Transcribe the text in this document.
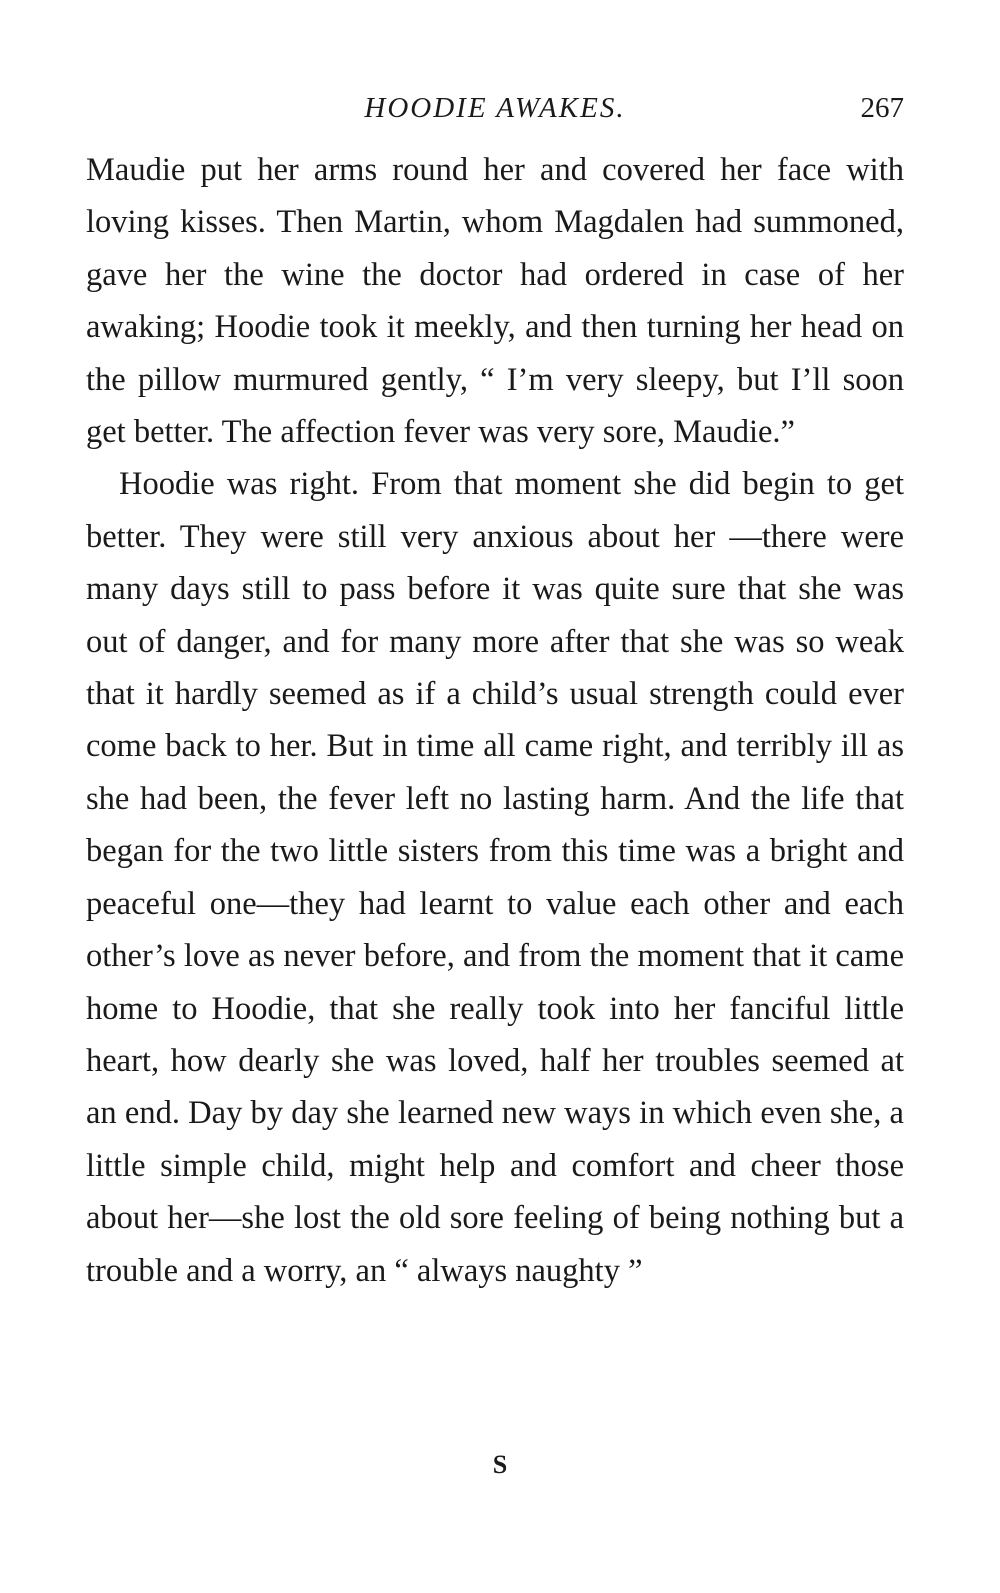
HOODIE AWAKES.	267

Maudie put her arms round her and covered her face with loving kisses. Then Martin, whom Magdalen had summoned, gave her the wine the doctor had ordered in case of her awaking; Hoodie took it meekly, and then turning her head on the pillow murmured gently, “ I’m very sleepy, but I’ll soon get better. The affection fever was very sore, Maudie.”

Hoodie was right. From that moment she did begin to get better. They were still very anxious about her —there were many days still to pass before it was quite sure that she was out of danger, and for many more after that she was so weak that it hardly seemed as if a child’s usual strength could ever come back to her. But in time all came right, and terribly ill as she had been, the fever left no lasting harm. And the life that began for the two little sisters from this time was a bright and peaceful one—they had learnt to value each other and each other’s love as never before, and from the moment that it came home to Hoodie, that she really took into her fanciful little heart, how dearly she was loved, half her troubles seemed at an end. Day by day she learned new ways in which even she, a little simple child, might help and comfort and cheer those about her—she lost the old sore feeling of being nothing but a trouble and a worry, an “ always naughty ”

S
